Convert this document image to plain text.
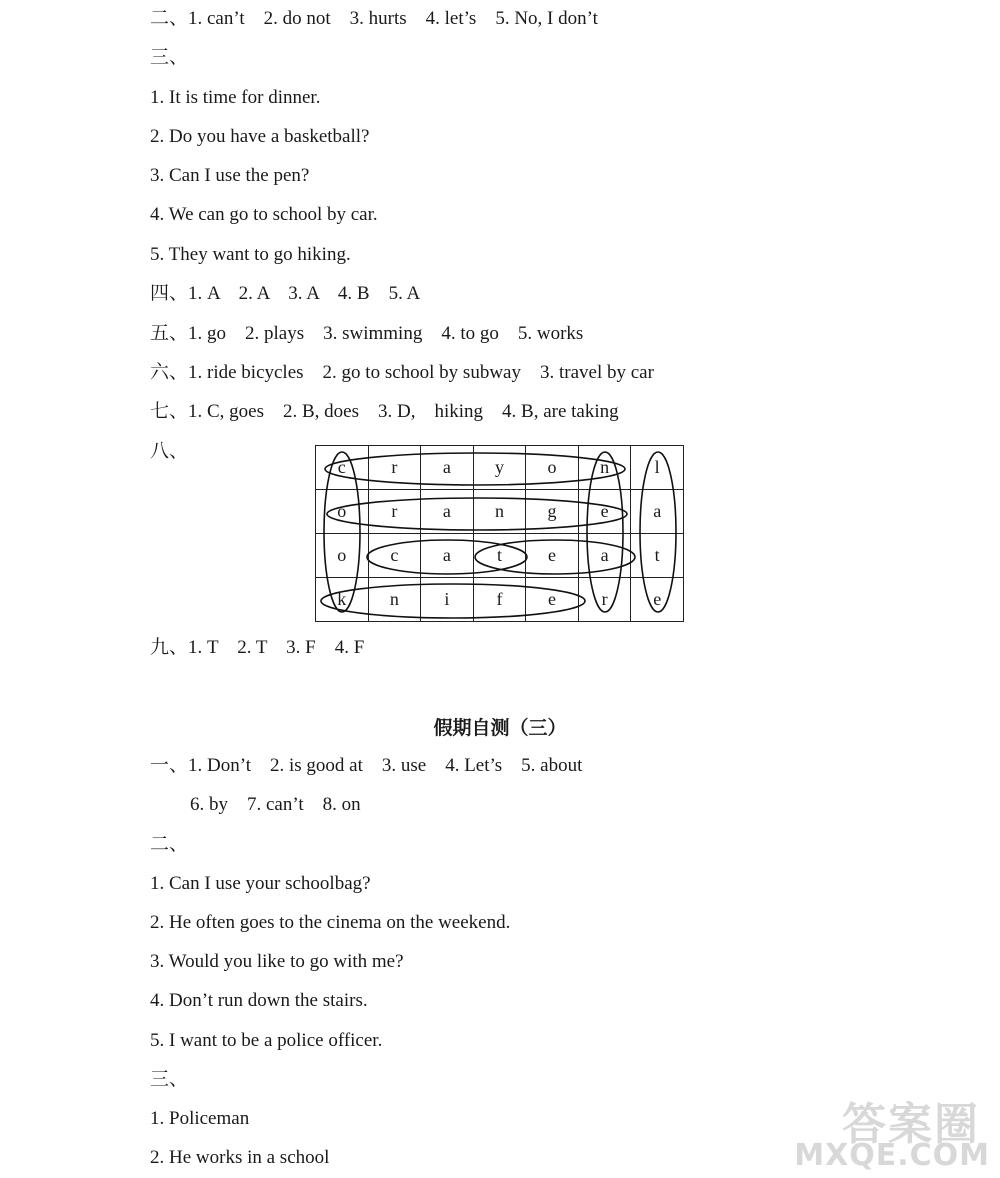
二、1. can’t    2. do not    3. hurts    4. let’s    5. No, I don’t
三、
1. It is time for dinner.
2. Do you have a basketball?
3. Can I use the pen?
4. We can go to school by car.
5. They want to go hiking.
四、1. A    2. A    3. A    4. B    5. A
五、1. go    2. plays    3. swimming    4. to go    5. works
六、1. ride bicycles    2. go to school by subway    3. travel by car
七、1. C, goes    2. B, does    3. D,    hiking    4. B, are taking
八、
c	r	a	y	o	n	l
o	r	a	n	g	e	a
o	c	a	t	e	a	t
k	n	i	f	e	r	e
九、1. T    2. T    3. F    4. F
假期自测（三）
一、1. Don’t    2. is good at    3. use    4. Let’s    5. about
6. by    7. can’t    8. on
二、
1. Can I use your schoolbag?
2. He often goes to the cinema on the weekend.
3. Would you like to go with me?
4. Don’t run down the stairs.
5. I want to be a police officer.
三、
1. Policeman
2. He works in a school
答案圈
MXQE.COM
